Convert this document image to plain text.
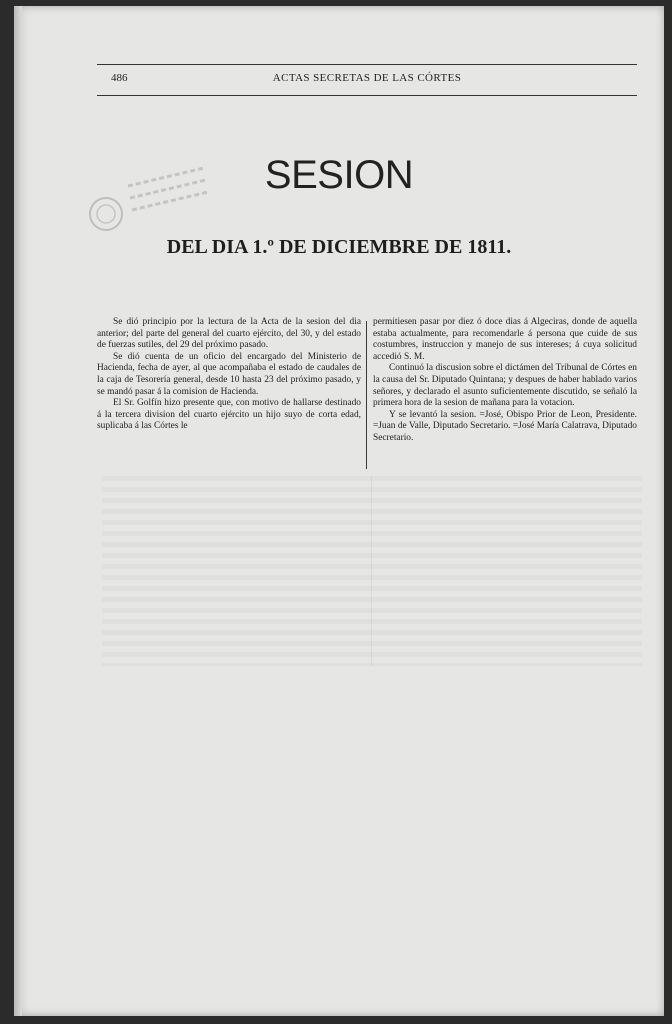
486	ACTAS SECRETAS DE LAS CÓRTES
SESION
DEL DIA 1.º DE DICIEMBRE DE 1811.

Se dió principio por la lectura de la Acta de la sesion del dia anterior; del parte del general del cuarto ejército, del 30, y del estado de fuerzas sutiles, del 29 del próximo pasado.

Se dió cuenta de un oficio del encargado del Ministerio de Hacienda, fecha de ayer, al que acompañaba el estado de caudales de la caja de Tesorería general, desde 10 hasta 23 del próximo pasado, y se mandó pasar á la comision de Hacienda.

El Sr. Golfín hizo presente que, con motivo de hallarse destinado á la tercera division del cuarto ejército un hijo suyo de corta edad, suplicaba á las Córtes le

permitiesen pasar por diez ó doce dias á Algeciras, donde de aquella estaba actualmente, para recomendarle á persona que cuide de sus costumbres, instruccion y manejo de sus intereses; á cuya solicitud accedió S. M.

Continuó la discusion sobre el dictámen del Tribunal de Córtes en la causa del Sr. Diputado Quintana; y despues de haber hablado varios señores, y declarado el asunto suficientemente discutido, se señaló la primera hora de la sesion de mañana para la votacion.

Y se levantó la sesion. =José, Obispo Prior de Leon, Presidente. =Juan de Valle, Diputado Secretario. =José María Calatrava, Diputado Secretario.
